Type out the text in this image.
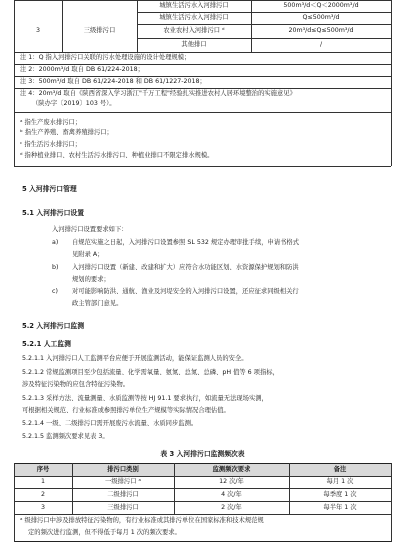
城镇生活污水入河排污口	500m³/d＜Q＜2000m³/d
3	三级排污口
城镇生活污水入河排污口	Q≤500m³/d
农业农村入河排污口 ᵈ	20m³/d≤Q≤500m³/d
其他排口	/
注 1：Q 指入河排污口关联的污水处理设施的设计处理规模；
注 2：2000m³/d 取自 DB 61/224-2018；
注 3：500m³/d 取自 DB 61/224-2018 和 DB 61/1227-2018；
注 4：20m³/d 取自《陕西省深入学习浙江"千万工程"经验扎实推进农村人居环境整治的实施意见》
（陕办字〔2019〕103 号）。
ᵃ 指生产废水排污口；
ᵇ 指生产养殖、畜禽养殖排污口；
ᶜ 指生活污水排污口；
ᵈ 指种植业排口、农村生活污水排污口、种植业排口不限定排水规模。
5 入河排污口管理
5.1 入河排污口设置
入河排污口设置要求如下：
a) 自规范实施之日起，入河排污口设置参照 SL 532 规定办理审批手续，申请书格式
见附录 A；
b) 入河排污口设置（新建、改建和扩大）应符合水功能区划、水资源保护规划和防洪
规划的要求；
c) 对可能影响防洪、通航、渔业及河堤安全的入河排污口设置，还应征求同级相关行
政主管部门意见。
5.2 入河排污口监测
5.2.1 人工监测
5.2.1.1 入河排污口人工监测平台应便于开展监测活动，能保证监测人员的安全。
5.2.1.2 常规监测项目至少包括流量、化学需氧量、氨氮、总氮、总磷、pH 值等 6 项指标，
涉及特征污染物的应包含特征污染物。
5.2.1.3 采样方法、流量测量、水质监测等按 HJ 91.1 要求执行，如流量无法现场实测，
可根据相关规范、行业标准或参照排污单位生产规模等实际情况合理估值。
5.2.1.4 一级、二级排污口需开展废污水流量、水质同步监测。
5.2.1.5 监测频次要求见表 3。
表 3 入河排污口监测频次表
序号	排污口类别	监测频次要求	备注
1	一级排污口 ᵃ	12 次/年	每月 1 次
2	二级排污口	4 次/年	每季度 1 次
3	三级排污口	2 次/年	每半年 1 次
ᵃ 级排污口中涉及排放特征污染物的，有行业标准或其排污单位在国家标准和技术规范规
定的频次进行监测，但不得低于每月 1 次的频次要求。
